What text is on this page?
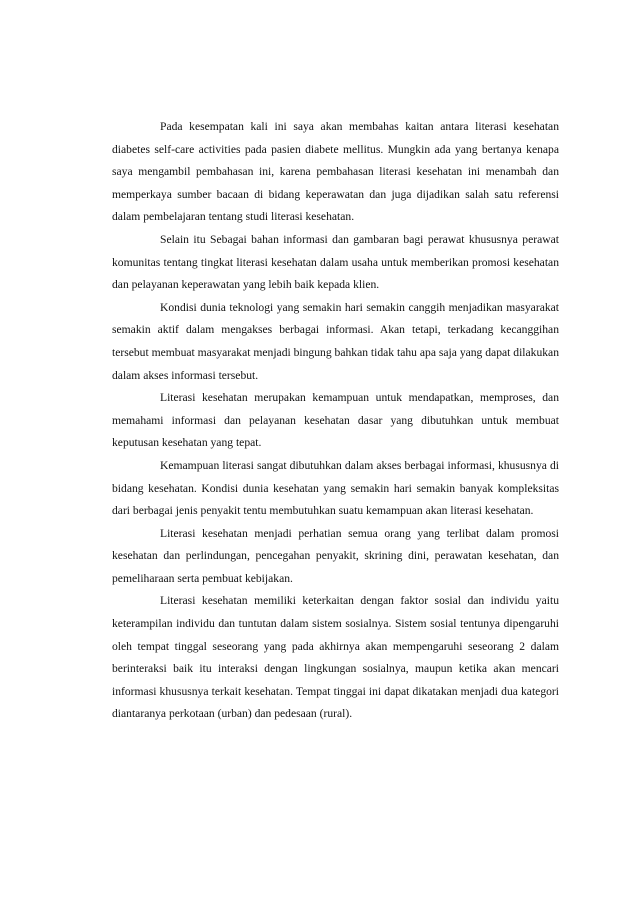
Pada kesempatan kali ini saya akan membahas kaitan antara literasi kesehatan diabetes self-care activities pada pasien diabete mellitus. Mungkin ada yang bertanya kenapa saya mengambil pembahasan ini, karena pembahasan literasi kesehatan ini menambah dan memperkaya sumber bacaan di bidang keperawatan dan juga dijadikan salah satu referensi dalam pembelajaran tentang studi literasi kesehatan.

Selain itu Sebagai bahan informasi dan gambaran bagi perawat khususnya perawat komunitas tentang tingkat literasi kesehatan dalam usaha untuk memberikan promosi kesehatan dan pelayanan keperawatan yang lebih baik kepada klien.

Kondisi dunia teknologi yang semakin hari semakin canggih menjadikan masyarakat semakin aktif dalam mengakses berbagai informasi. Akan tetapi, terkadang kecanggihan tersebut membuat masyarakat menjadi bingung bahkan tidak tahu apa saja yang dapat dilakukan dalam akses informasi tersebut.

Literasi kesehatan merupakan kemampuan untuk mendapatkan, memproses, dan memahami informasi dan pelayanan kesehatan dasar yang dibutuhkan untuk membuat keputusan kesehatan yang tepat.

Kemampuan literasi sangat dibutuhkan dalam akses berbagai informasi, khususnya di bidang kesehatan. Kondisi dunia kesehatan yang semakin hari semakin banyak kompleksitas dari berbagai jenis penyakit tentu membutuhkan suatu kemampuan akan literasi kesehatan.

Literasi kesehatan menjadi perhatian semua orang yang terlibat dalam promosi kesehatan dan perlindungan, pencegahan penyakit, skrining dini, perawatan kesehatan, dan pemeliharaan serta pembuat kebijakan.

Literasi kesehatan memiliki keterkaitan dengan faktor sosial dan individu yaitu keterampilan individu dan tuntutan dalam sistem sosialnya. Sistem sosial tentunya dipengaruhi oleh tempat tinggal seseorang yang pada akhirnya akan mempengaruhi seseorang 2 dalam berinteraksi baik itu interaksi dengan lingkungan sosialnya, maupun ketika akan mencari informasi khususnya terkait kesehatan. Tempat tinggai ini dapat dikatakan menjadi dua kategori diantaranya perkotaan (urban) dan pedesaan (rural).
